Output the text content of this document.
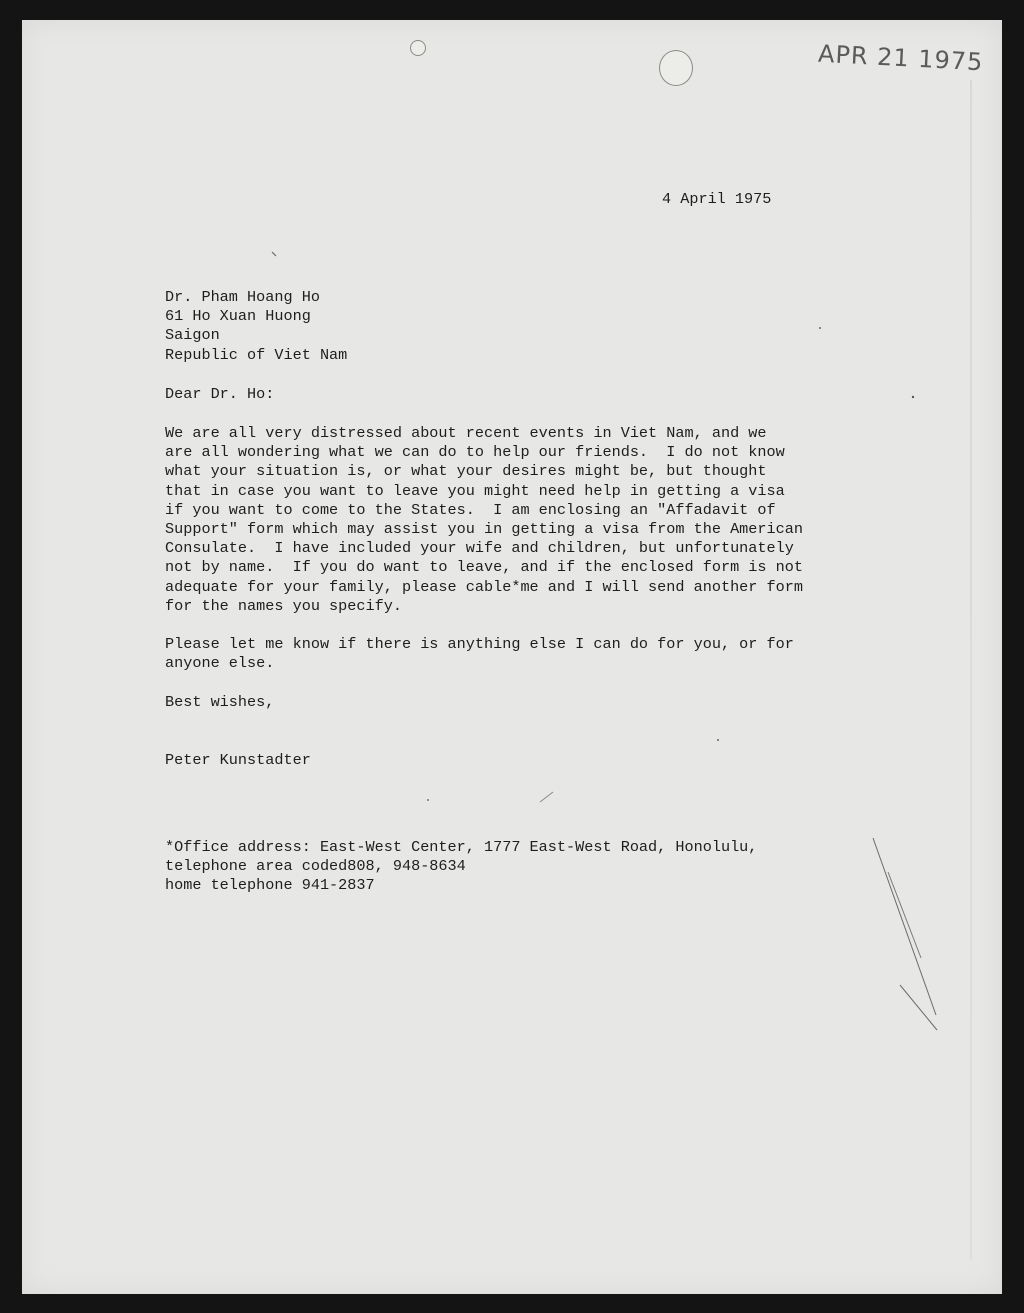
APR 21 1975
4 April 1975
Dr. Pham Hoang Ho
61 Ho Xuan Huong
Saigon
Republic of Viet Nam
Dear Dr. Ho:
We are all very distressed about recent events in Viet Nam, and we
are all wondering what we can do to help our friends.  I do not know
what your situation is, or what your desires might be, but thought
that in case you want to leave you might need help in getting a visa
if you want to come to the States.  I am enclosing an "Affadavit of
Support" form which may assist you in getting a visa from the American
Consulate.  I have included your wife and children, but unfortunately
not by name.  If you do want to leave, and if the enclosed form is not
adequate for your family, please cable*me and I will send another form
for the names you specify.
Please let me know if there is anything else I can do for you, or for
anyone else.
Best wishes,
Peter Kunstadter
*Office address: East-West Center, 1777 East-West Road, Honolulu,
telephone area coded808, 948-8634
home telephone 941-2837
